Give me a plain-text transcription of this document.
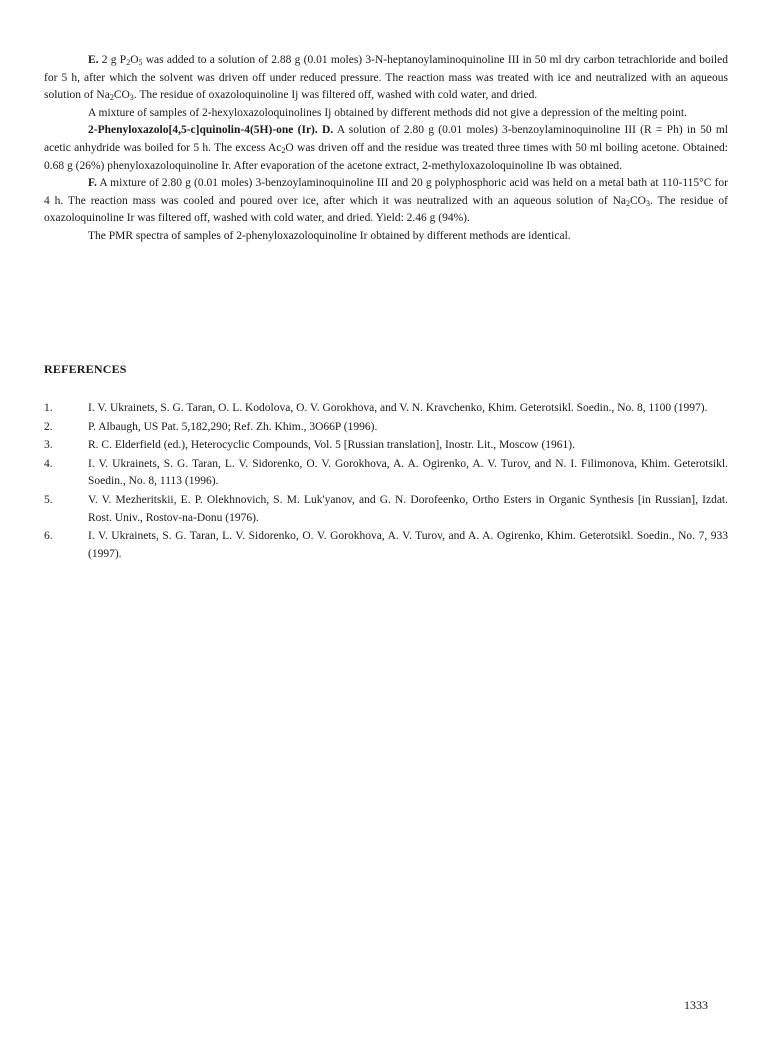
E. 2 g $P_2O_5$ was added to a solution of 2.88 g (0.01 moles) 3-N-heptanoylaminoquinoline III in 50 ml dry carbon tetrachloride and boiled for 5 h, after which the solvent was driven off under reduced pressure. The reaction mass was treated with ice and neutralized with an aqueous solution of $Na_2CO_3$. The residue of oxazoloquinoline Ij was filtered off, washed with cold water, and dried.

A mixture of samples of 2-hexyloxazoloquinolines Ij obtained by different methods did not give a depression of the melting point.

2-Phenyloxazolo[4,5-c]quinolin-4(5H)-one (Ir). D. A solution of 2.80 g (0.01 moles) 3-benzoylaminoquinoline III (R = Ph) in 50 ml acetic anhydride was boiled for 5 h. The excess $Ac_2O$ was driven off and the residue was treated three times with 50 ml boiling acetone. Obtained: 0.68 g (26%) phenyloxazoloquinoline Ir. After evaporation of the acetone extract, 2-methyloxazoloquinoline Ib was obtained.

F. A mixture of 2.80 g (0.01 moles) 3-benzoylaminoquinoline III and 20 g polyphosphoric acid was held on a metal bath at 110-115°C for 4 h. The reaction mass was cooled and poured over ice, after which it was neutralized with an aqueous solution of $Na_2CO_3$. The residue of oxazoloquinoline Ir was filtered off, washed with cold water, and dried. Yield: 2.46 g (94%).

The PMR spectra of samples of 2-phenyloxazoloquinoline Ir obtained by different methods are identical.

REFERENCES
1.	I. V. Ukrainets, S. G. Taran, O. L. Kodolova, O. V. Gorokhova, and V. N. Kravchenko, Khim. Geterotsikl. Soedin., No. 8, 1100 (1997).
2.	P. Albaugh, US Pat. 5,182,290; Ref. Zh. Khim., 3O66P (1996).
3.	R. C. Elderfield (ed.), Heterocyclic Compounds, Vol. 5 [Russian translation], Inostr. Lit., Moscow (1961).
4.	I. V. Ukrainets, S. G. Taran, L. V. Sidorenko, O. V. Gorokhova, A. A. Ogirenko, A. V. Turov, and N. I. Filimonova, Khim. Geterotsikl. Soedin., No. 8, 1113 (1996).
5.	V. V. Mezheritskii, E. P. Olekhnovich, S. M. Luk'yanov, and G. N. Dorofeenko, Ortho Esters in Organic Synthesis [in Russian], Izdat. Rost. Univ., Rostov-na-Donu (1976).
6.	I. V. Ukrainets, S. G. Taran, L. V. Sidorenko, O. V. Gorokhova, A. V. Turov, and A. A. Ogirenko, Khim. Geterotsikl. Soedin., No. 7, 933 (1997).
1333
